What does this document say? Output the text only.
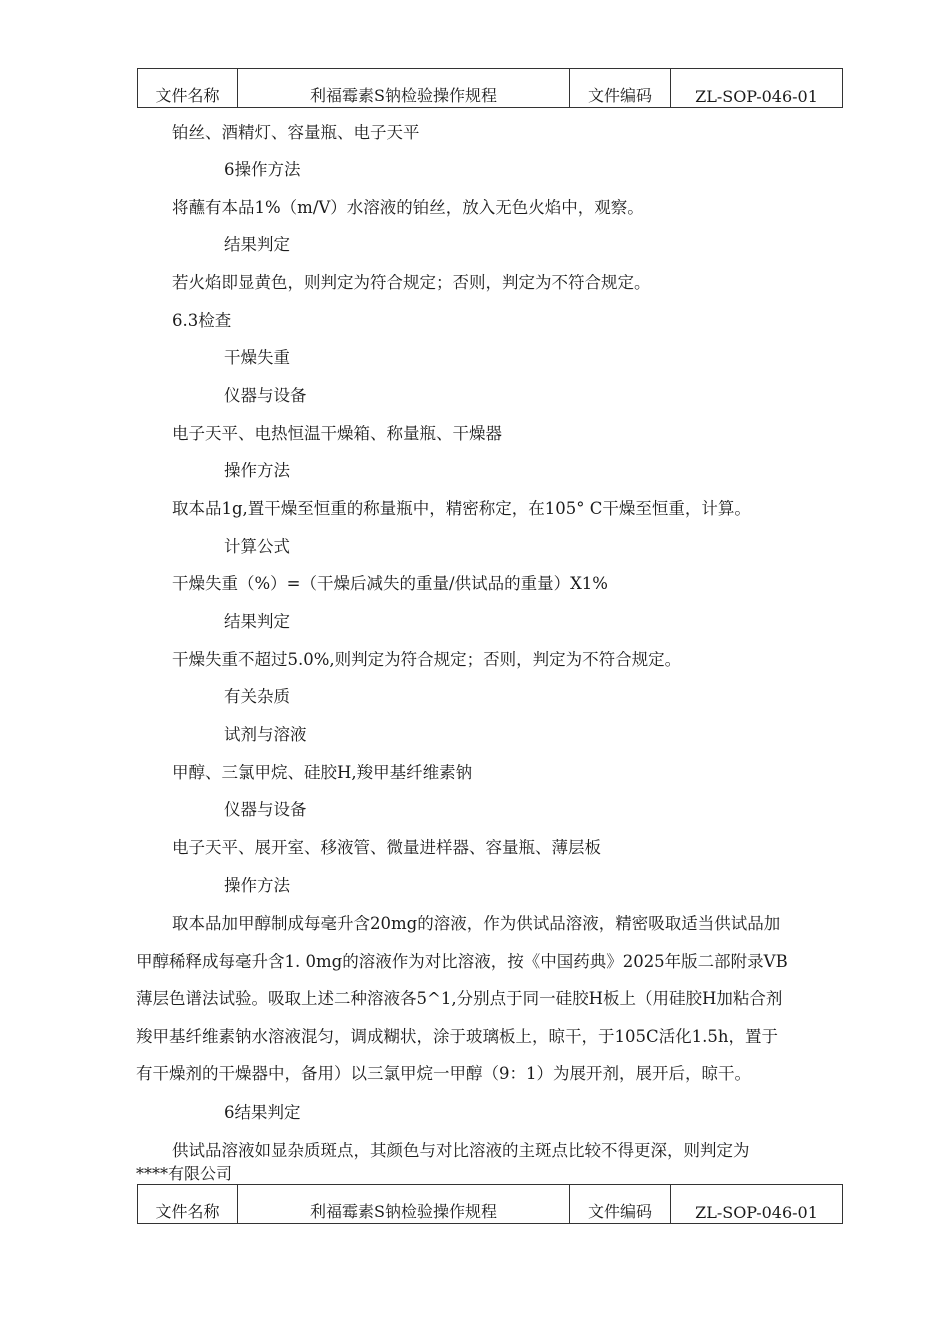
文件名称	利福霉素S钠检验操作规程	文件编码	ZL-SOP-046-01
铂丝、酒精灯、容量瓶、电子天平
6操作方法
将蘸有本品1%（m/V）水溶液的铂丝，放入无色火焰中，观察。
结果判定
若火焰即显黄色，则判定为符合规定；否则，判定为不符合规定。
6.3检查
干燥失重
仪器与设备
电子天平、电热恒温干燥箱、称量瓶、干燥器
操作方法
取本品1g,置干燥至恒重的称量瓶中，精密称定，在105° C干燥至恒重，计算。
计算公式
干燥失重（%）=（干燥后减失的重量/供试品的重量）X1%
结果判定
干燥失重不超过5.0%,则判定为符合规定；否则，判定为不符合规定。
有关杂质
试剂与溶液
甲醇、三氯甲烷、硅胶H,羧甲基纤维素钠
仪器与设备
电子天平、展开室、移液管、微量进样器、容量瓶、薄层板
操作方法
取本品加甲醇制成每毫升含20mg的溶液，作为供试品溶液，精密吸取适当供试品加
甲醇稀释成每毫升含1. 0mg的溶液作为对比溶液，按《中国药典》2025年版二部附录VB
薄层色谱法试验。吸取上述二种溶液各5^1,分别点于同一硅胶H板上（用硅胶H加粘合剂
羧甲基纤维素钠水溶液混匀，调成糊状，涂于玻璃板上，晾干，于105C活化1.5h，置于
有干燥剂的干燥器中，备用）以三氯甲烷一甲醇（9：1）为展开剂，展开后，晾干。
6结果判定
供试品溶液如显杂质斑点，其颜色与对比溶液的主斑点比较不得更深，则判定为
****有限公司
文件名称	利福霉素S钠检验操作规程	文件编码	ZL-SOP-046-01
